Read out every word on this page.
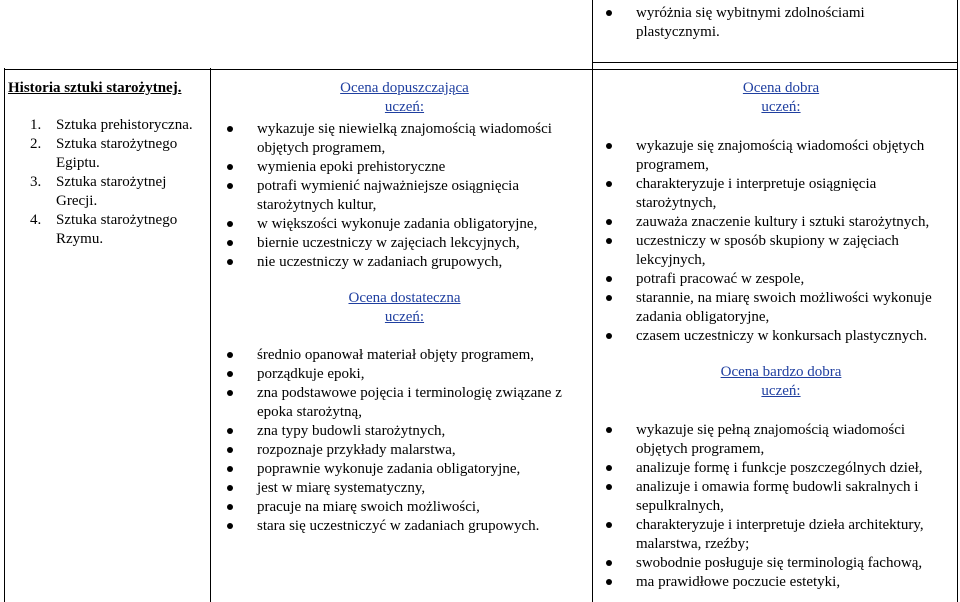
wyróżnia się wybitnymi zdolnościami plastycznymi.
Historia sztuki starożytnej.
1. Sztuka prehistoryczna.
2. Sztuka starożytnego Egiptu.
3. Sztuka starożytnej Grecji.
4. Sztuka starożytnego Rzymu.
Ocena dopuszczająca
uczeń:
wykazuje się niewielką znajomością wiadomości objętych programem,
wymienia epoki prehistoryczne
potrafi wymienić najważniejsze osiągnięcia starożytnych kultur,
w większości wykonuje zadania obligatoryjne,
biernie uczestniczy w zajęciach lekcyjnych,
nie uczestniczy w zadaniach grupowych,
Ocena dostateczna
uczeń:
średnio opanował materiał objęty programem,
porządkuje epoki,
zna podstawowe pojęcia i terminologię związane z epoka starożytną,
zna typy budowli starożytnych,
rozpoznaje przykłady malarstwa,
poprawnie wykonuje zadania obligatoryjne,
jest w miarę systematyczny,
pracuje na miarę swoich możliwości,
stara się uczestniczyć w zadaniach grupowych.
Ocena dobra
uczeń:
wykazuje się znajomością wiadomości objętych programem,
charakteryzuje i interpretuje osiągnięcia starożytnych,
zauważa znaczenie kultury i sztuki starożytnych,
uczestniczy w sposób skupiony w zajęciach lekcyjnych,
potrafi pracować w zespole,
starannie, na miarę swoich możliwości wykonuje zadania obligatoryjne,
czasem uczestniczy w konkursach plastycznych.
Ocena bardzo dobra
uczeń:
wykazuje się pełną znajomością wiadomości objętych programem,
analizuje formę i funkcje poszczególnych dzieł,
analizuje i omawia formę budowli sakralnych i sepulkralnych,
charakteryzuje i interpretuje dzieła architektury, malarstwa, rzeźby;
swobodnie posługuje się terminologią fachową,
ma prawidłowe poczucie estetyki,
